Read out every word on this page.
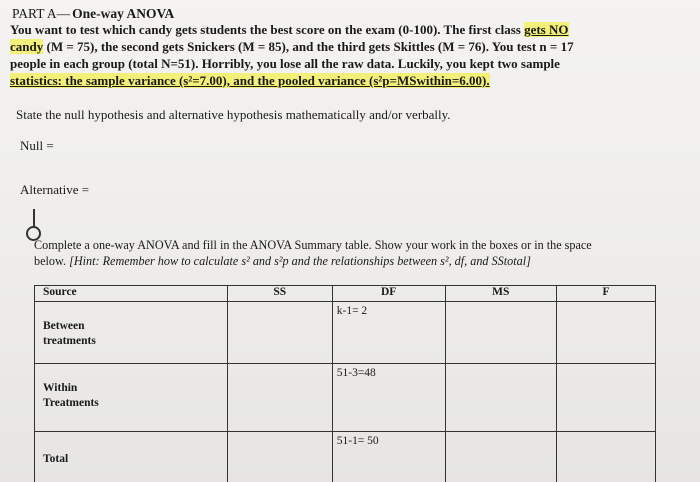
PART A— One-way ANOVA
You want to test which candy gets students the best score on the exam (0-100). The first class gets NO
candy (M = 75), the second gets Snickers (M = 85), and the third gets Skittles (M = 76). You test n = 17
people in each group (total N=51). Horribly, you lose all the raw data. Luckily, you kept two sample
statistics: the sample variance (s²=7.00), and the pooled variance (s²p=MSwithin=6.00).
State the null hypothesis and alternative hypothesis mathematically and/or verbally.
Null =
Alternative =
Complete a one-way ANOVA and fill in the ANOVA Summary table. Show your work in the boxes or in the space
below. [Hint: Remember how to calculate s² and s²p and the relationships between s², df, and SStotal]
Source	SS	DF	MS	F

Between
treatments		k-1= 2		

Within
Treatments		51-3=48		

Total		51-1= 50		
